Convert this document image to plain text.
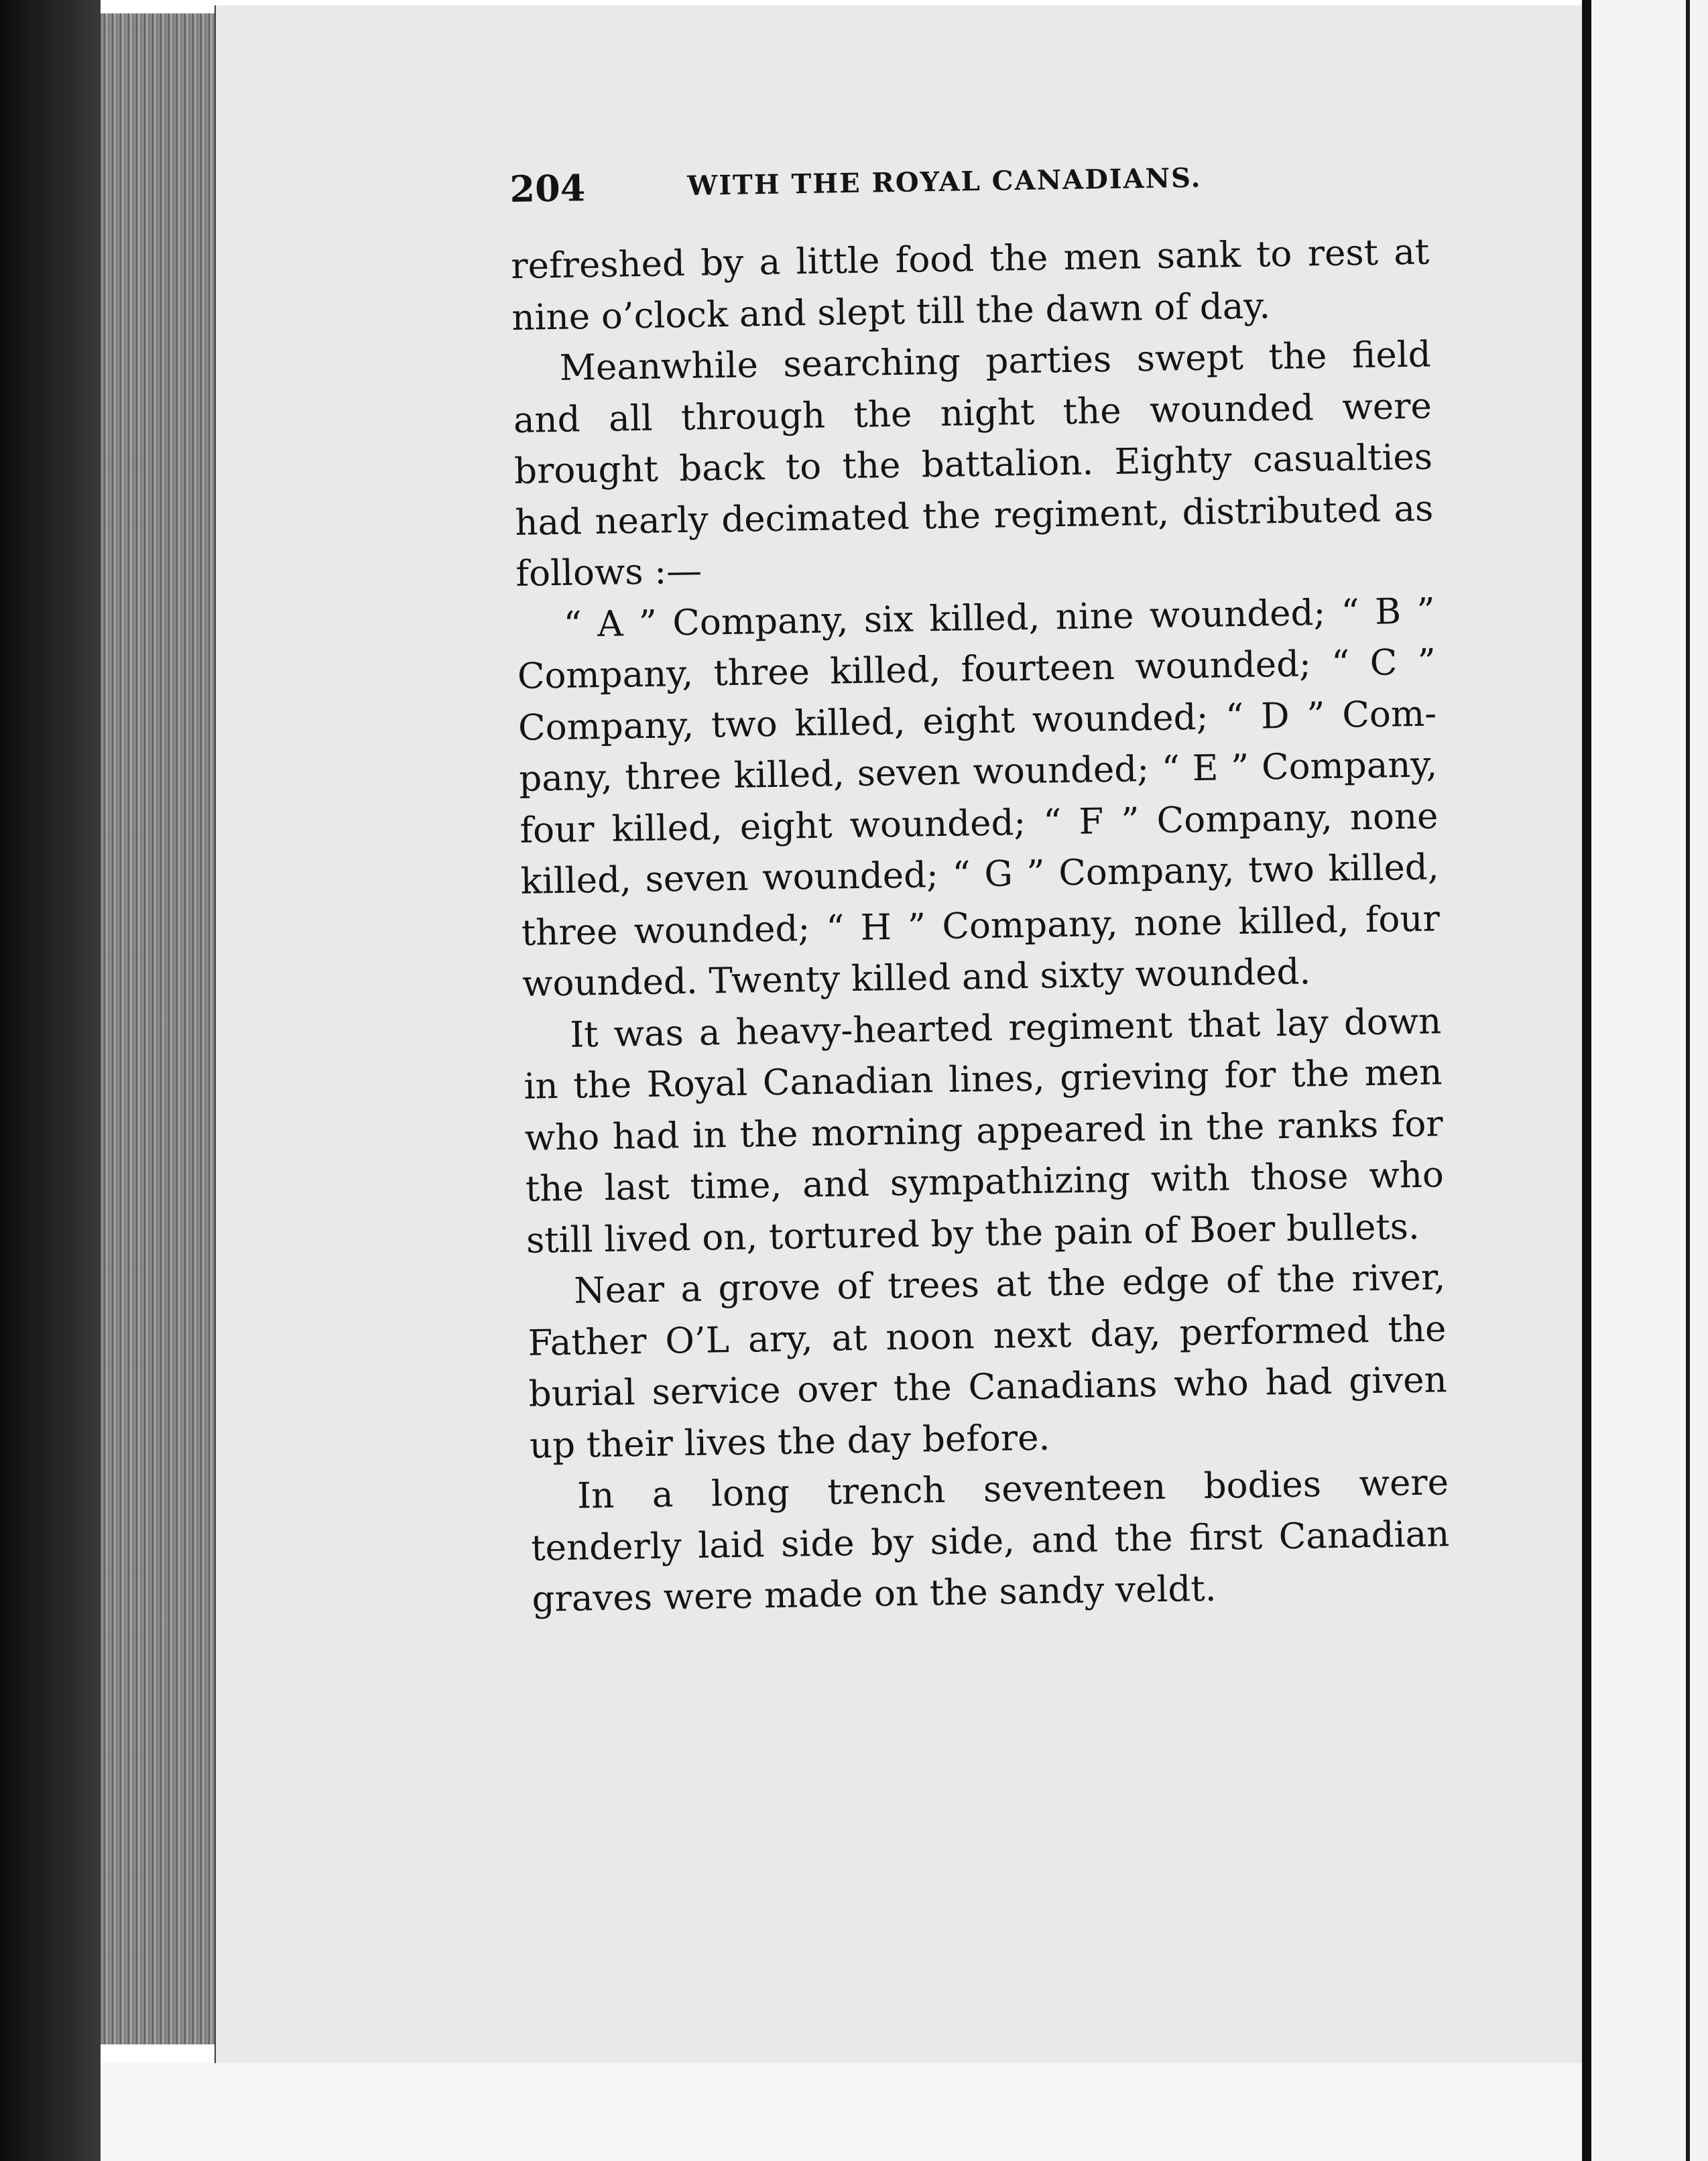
204	WITH THE ROYAL CANADIANS.

refreshed by a little food the men sank to rest at nine o’clock and slept till the dawn of day.

Meanwhile searching parties swept the field and all through the night the wounded were brought back to the battalion. Eighty casualties had nearly decimated the regiment, distributed as follows :—

“ A ” Company, six killed, nine wounded; “ B ” Company, three killed, fourteen wounded; “ C ” Company, two killed, eight wounded; “ D ” Company, three killed, seven wounded; “ E ” Company, four killed, eight wounded; “ F ” Company, none killed, seven wounded; “ G ” Company, two killed, three wounded; “ H ” Company, none killed, four wounded. Twenty killed and sixty wounded.

It was a heavy-hearted regiment that lay down in the Royal Canadian lines, grieving for the men who had in the morning appeared in the ranks for the last time, and sympathizing with those who still lived on, tortured by the pain of Boer bullets.

Near a grove of trees at the edge of the river, Father O’L ary, at noon next day, performed the burial service over the Canadians who had given up their lives the day before.

In a long trench seventeen bodies were tenderly laid side by side, and the first Canadian graves were made on the sandy veldt.
